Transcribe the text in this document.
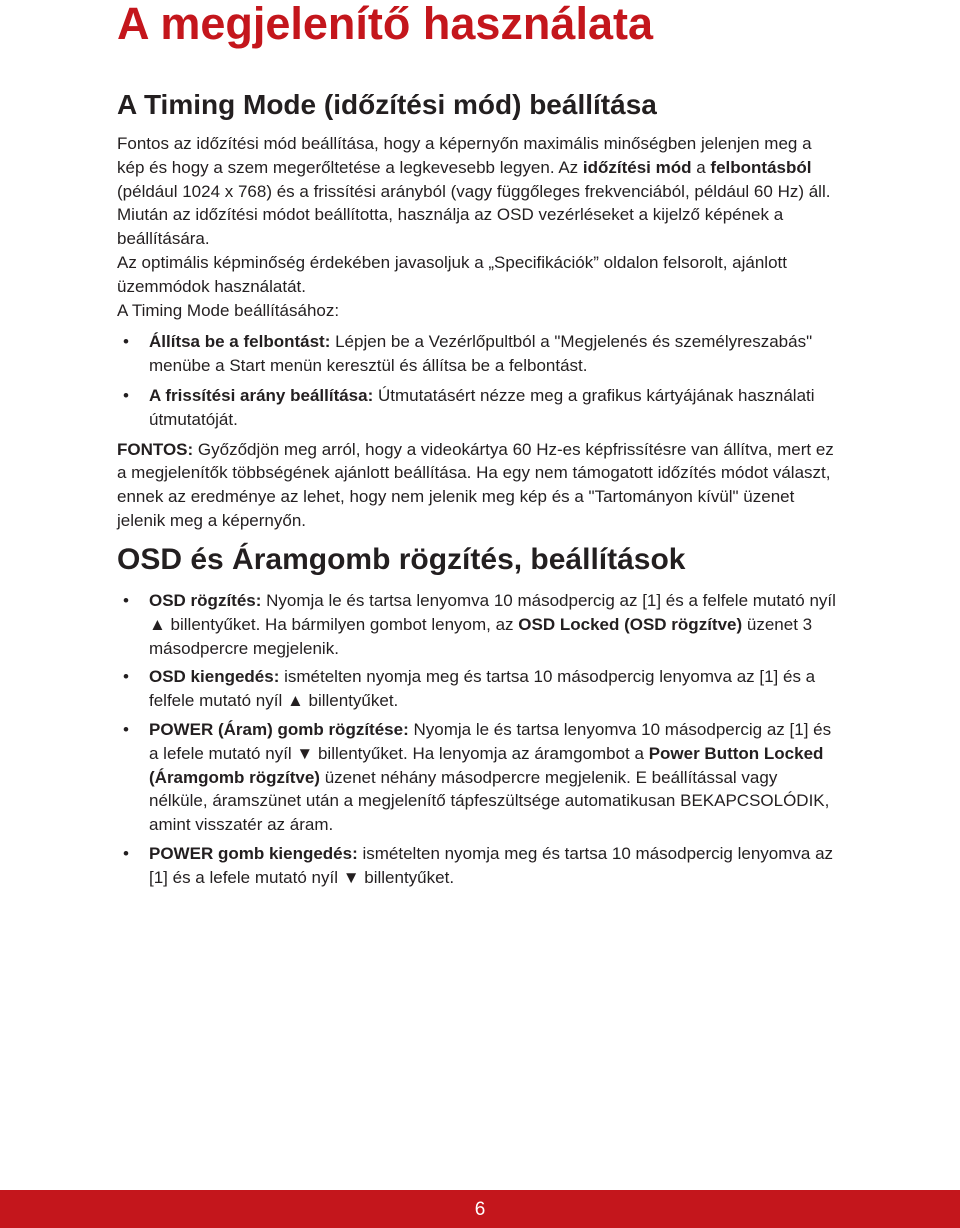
A megjelenítő használata
A Timing Mode (időzítési mód) beállítása

Fontos az időzítési mód beállítása, hogy a képernyőn maximális minőségben jelenjen meg a kép és hogy a szem megerőltetése a legkevesebb legyen. Az időzítési mód a felbontásból (például 1024 x 768) és a frissítési arányból (vagy függőleges frekvenciából, például 60 Hz) áll. Miután az időzítési módot beállította, használja az OSD vezérléseket a kijelző képének a beállítására.

Az optimális képminőség érdekében javasoljuk a „Specifikációk” oldalon felsorolt, ajánlott üzemmódok használatát.

A Timing Mode beállításához:

• Állítsa be a felbontást: Lépjen be a Vezérlőpultból a "Megjelenés és személyreszabás" menübe a Start menün keresztül és állítsa be a felbontást.
• A frissítési arány beállítása: Útmutatásért nézze meg a grafikus kártyájának használati útmutatóját.

FONTOS: Győződjön meg arról, hogy a videokártya 60 Hz-es képfrissítésre van állítva, mert ez a megjelenítők többségének ajánlott beállítása. Ha egy nem támogatott időzítés módot választ, ennek az eredménye az lehet, hogy nem jelenik meg kép és a "Tartományon kívül" üzenet jelenik meg a képernyőn.

OSD és Áramgomb rögzítés, beállítások
• OSD rögzítés: Nyomja le és tartsa lenyomva 10 másodpercig az [1] és a felfele mutató nyíl ▲ billentyűket. Ha bármilyen gombot lenyom, az OSD Locked (OSD rögzítve) üzenet 3 másodpercre megjelenik.
• OSD kiengedés: ismételten nyomja meg és tartsa 10 másodpercig lenyomva az [1] és a felfele mutató nyíl ▲ billentyűket.
• POWER (Áram) gomb rögzítése: Nyomja le és tartsa lenyomva 10 másodpercig az [1] és a lefele mutató nyíl ▼ billentyűket. Ha lenyomja az áramgombot a Power Button Locked (Áramgomb rögzítve) üzenet néhány másodpercre megjelenik. E beállítással vagy nélküle, áramszünet után a megjelenítő tápfeszültsége automatikusan BEKAPCSOLÓDIK, amint visszatér az áram.
• POWER gomb kiengedés: ismételten nyomja meg és tartsa 10 másodpercig lenyomva az [1] és a lefele mutató nyíl ▼ billentyűket.
6
